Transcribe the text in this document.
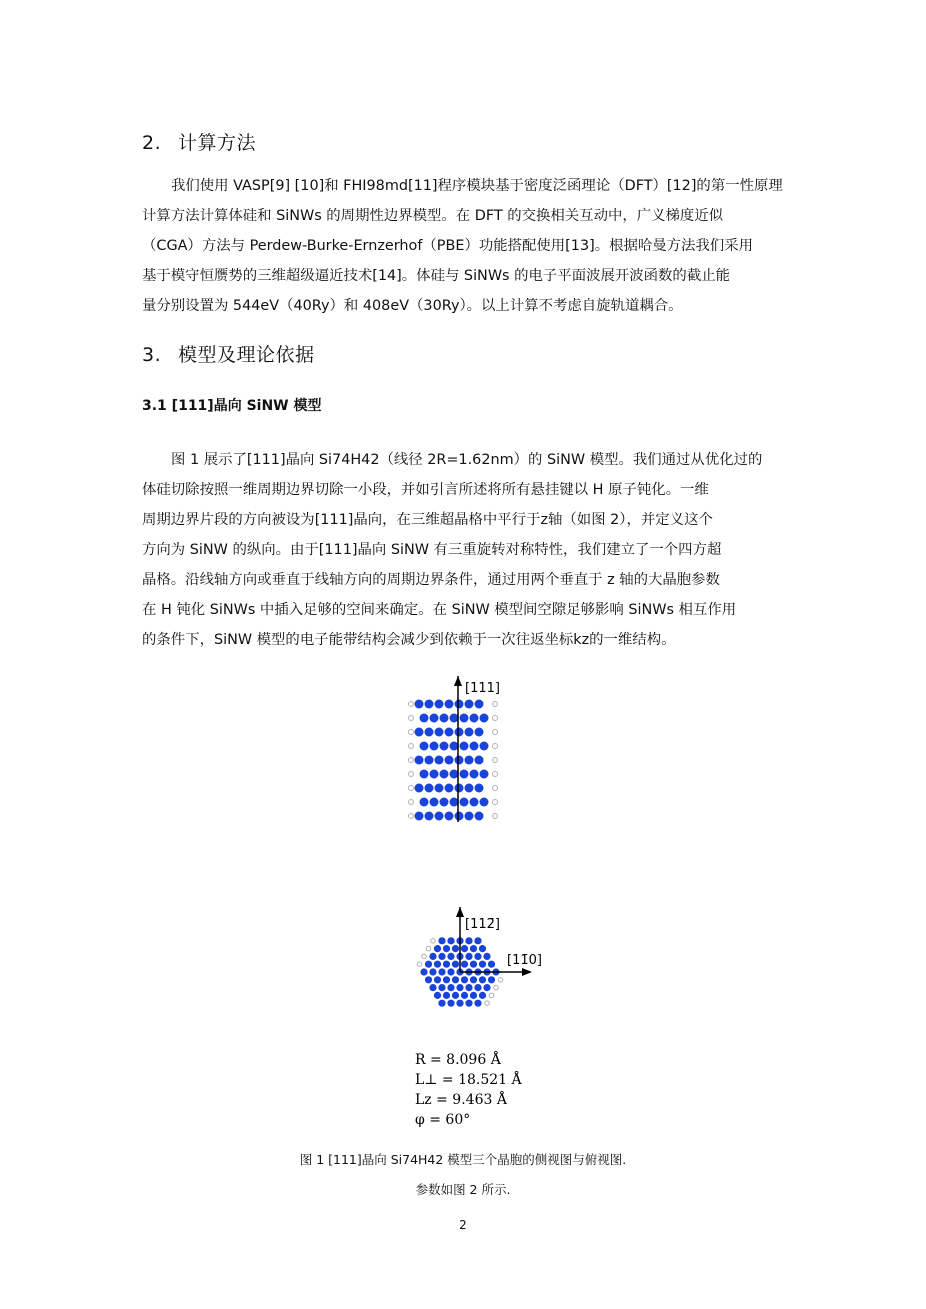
2. 计算方法
我们使用 VASP[9] [10]和 FHI98md[11]程序模块基于密度泛函理论（DFT）[12]的第一性原理
计算方法计算体硅和 SiNWs 的周期性边界模型。在 DFT 的交换相关互动中，广义梯度近似
（CGA）方法与 Perdew-Burke-Ernzerhof（PBE）功能搭配使用[13]。根据哈曼方法我们采用
基于模守恒赝势的三维超级逼近技术[14]。体硅与 SiNWs 的电子平面波展开波函数的截止能
量分别设置为 544eV（40Ry）和 408eV（30Ry）。以上计算不考虑自旋轨道耦合。
3. 模型及理论依据
3.1 [111]晶向 SiNW 模型
图 1 展示了[111]晶向 Si74H42（线径 2R=1.62nm）的 SiNW 模型。我们通过从优化过的
体硅切除按照一维周期边界切除一小段，并如引言所述将所有悬挂键以 H 原子钝化。一维
周期边界片段的方向被设为[111]晶向，在三维超晶格中平行于z轴（如图 2），并定义这个
方向为 SiNW 的纵向。由于[111]晶向 SiNW 有三重旋转对称特性，我们建立了一个四方超
晶格。沿线轴方向或垂直于线轴方向的周期边界条件，通过用两个垂直于 z 轴的大晶胞参数
在 H 钝化 SiNWs 中插入足够的空间来确定。在 SiNW 模型间空隙足够影响 SiNWs 相互作用
的条件下，SiNW 模型的电子能带结构会减少到依赖于一次往返坐标kz的一维结构。
[111]
[112̄]
[11̄0]
R = 8.096 Å
L⊥ = 18.521 Å
Lz = 9.463 Å
φ = 60°

图 1 [111]晶向 Si74H42 模型三个晶胞的侧视图与俯视图.

参数如图 2 所示.

2
